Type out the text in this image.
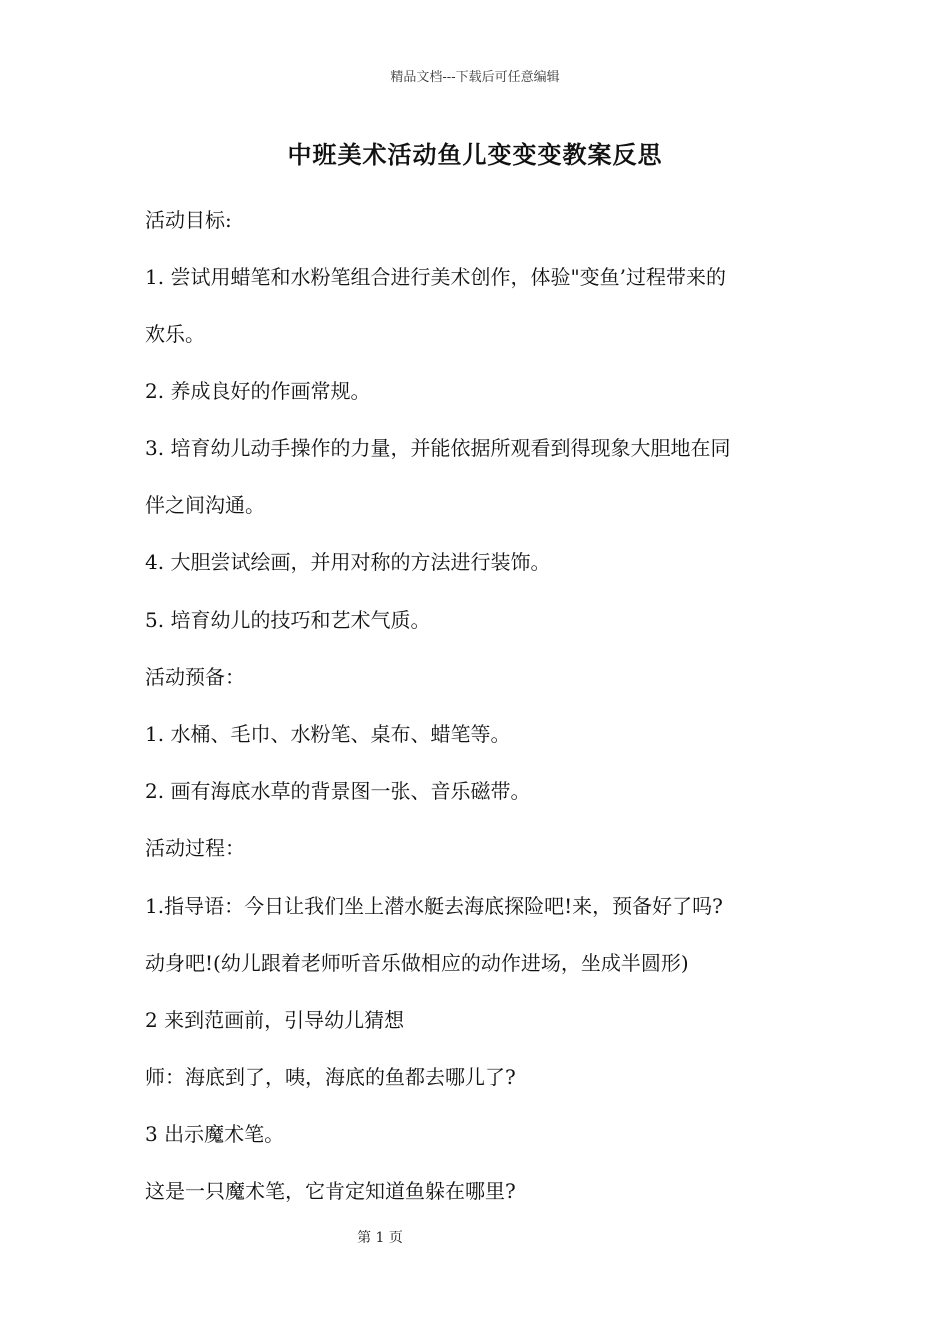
精品文档---下载后可任意编辑
中班美术活动鱼儿变变变教案反思
活动目标:
1. 尝试用蜡笔和水粉笔组合进行美术创作，体验"变鱼’过程带来的
欢乐。
2. 养成良好的作画常规。
3. 培育幼儿动手操作的力量，并能依据所观看到得现象大胆地在同
伴之间沟通。
4. 大胆尝试绘画，并用对称的方法进行装饰。
5. 培育幼儿的技巧和艺术气质。
活动预备：
1. 水桶、毛巾、水粉笔、桌布、蜡笔等。
2. 画有海底水草的背景图一张、音乐磁带。
活动过程：
1.指导语：今日让我们坐上潜水艇去海底探险吧!来，预备好了吗?
动身吧!(幼儿跟着老师听音乐做相应的动作进场，坐成半圆形)
2 来到范画前，引导幼儿猜想
师：海底到了，咦，海底的鱼都去哪儿了?
3 出示魔术笔。
这是一只魔术笔，它肯定知道鱼躲在哪里?
第 1 页
